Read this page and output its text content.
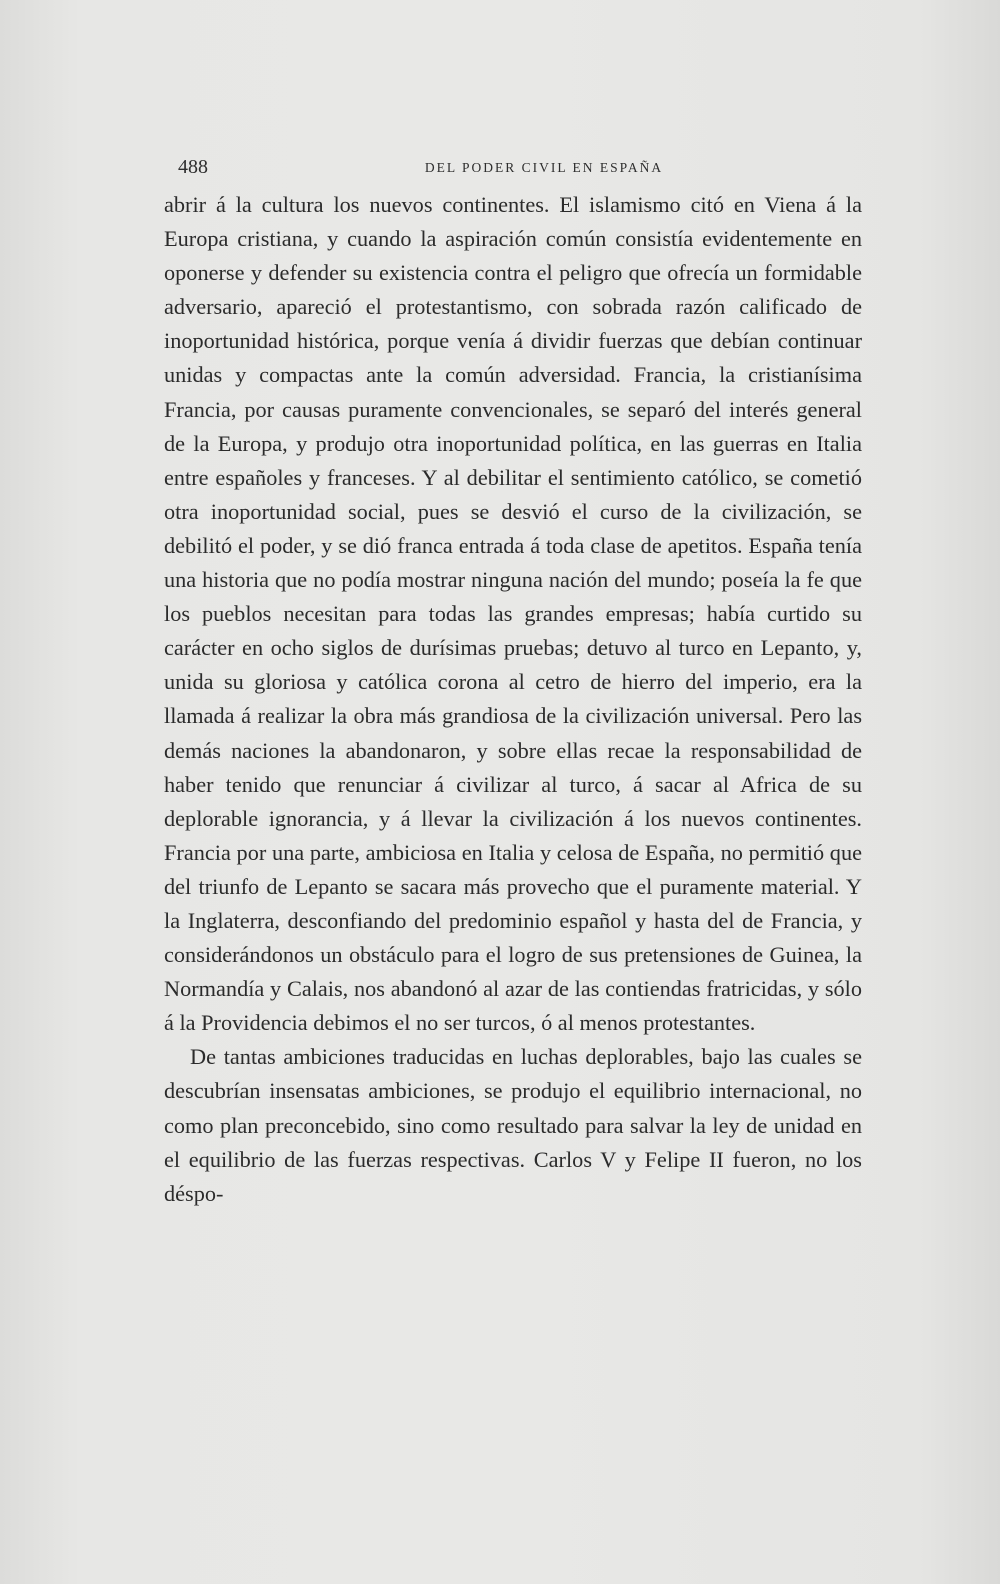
488	DEL PODER CIVIL EN ESPAÑA

abrir á la cultura los nuevos continentes. El islamismo citó en Viena á la Europa cristiana, y cuando la aspiración común consistía evidentemente en oponerse y defender su existencia contra el peligro que ofrecía un formidable adversario, apareció el protestantismo, con sobrada razón calificado de inoportunidad histórica, porque venía á dividir fuerzas que debían continuar unidas y compactas ante la común adversidad. Francia, la cristianísima Francia, por causas puramente convencionales, se separó del interés general de la Europa, y produjo otra inoportunidad política, en las guerras en Italia entre españoles y franceses. Y al debilitar el sentimiento católico, se cometió otra inoportunidad social, pues se desvió el curso de la civilización, se debilitó el poder, y se dió franca entrada á toda clase de apetitos. España tenía una historia que no podía mostrar ninguna nación del mundo; poseía la fe que los pueblos necesitan para todas las grandes empresas; había curtido su carácter en ocho siglos de durísimas pruebas; detuvo al turco en Lepanto, y, unida su gloriosa y católica corona al cetro de hierro del imperio, era la llamada á realizar la obra más grandiosa de la civilización universal. Pero las demás naciones la abandonaron, y sobre ellas recae la responsabilidad de haber tenido que renunciar á civilizar al turco, á sacar al Africa de su deplorable ignorancia, y á llevar la civilización á los nuevos continentes. Francia por una parte, ambiciosa en Italia y celosa de España, no permitió que del triunfo de Lepanto se sacara más provecho que el puramente material. Y la Inglaterra, desconfiando del predominio español y hasta del de Francia, y considerándonos un obstáculo para el logro de sus pretensiones de Guinea, la Normandía y Calais, nos abandonó al azar de las contiendas fratricidas, y sólo á la Providencia debimos el no ser turcos, ó al menos protestantes.

De tantas ambiciones traducidas en luchas deplorables, bajo las cuales se descubrían insensatas ambiciones, se produjo el equilibrio internacional, no como plan preconcebido, sino como resultado para salvar la ley de unidad en el equilibrio de las fuerzas respectivas. Carlos V y Felipe II fueron, no los déspo-
